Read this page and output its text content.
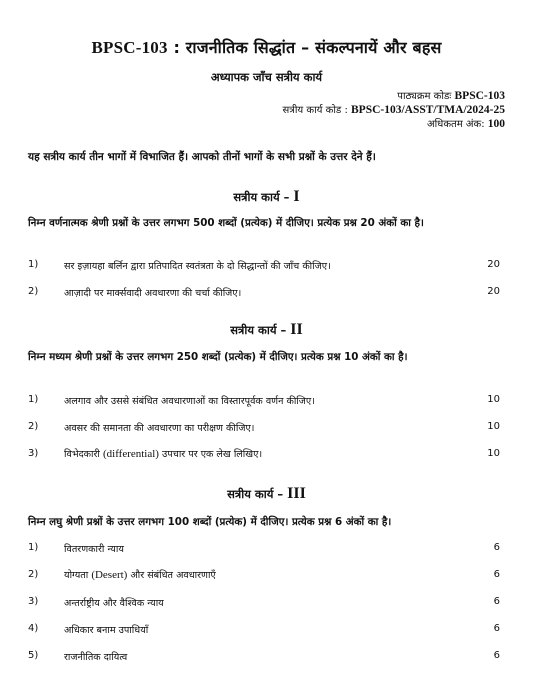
BPSC-103 : राजनीतिक सिद्धांत – संकल्पनायें और बहस
अध्यापक जाँच सत्रीय कार्य
पाठ्यक्रम कोडः BPSC-103
सत्रीय कार्य कोड : BPSC-103/ASST/TMA/2024-25
अधिकतम अंक: 100
यह सत्रीय कार्य तीन भागों में विभाजित हैं। आपको तीनों भागों के सभी प्रश्नों के उत्तर देने हैं।
सत्रीय कार्य – I
निम्न वर्णनात्मक श्रेणी प्रश्नों के उत्तर लगभग 500 शब्दों (प्रत्येक) में दीजिए। प्रत्येक प्रश्न 20 अंकों का है।
1)	सर इज़ायहा बर्लिन द्वारा प्रतिपादित स्वतंत्रता के दो सिद्धान्तों की जाँच कीजिए।	20
2)	आज़ादी पर मार्क्सवादी अवधारणा की चर्चा कीजिए।	20
सत्रीय कार्य – II
निम्न मध्यम श्रेणी प्रश्नों के उत्तर लगभग 250 शब्दों (प्रत्येक) में दीजिए। प्रत्येक प्रश्न 10 अंकों का है।
1)	अलगाव और उससे संबंधित अवधारणाओं का विस्तारपूर्वक वर्णन कीजिए।	10
2)	अवसर की समानता की अवधारणा का परीक्षण कीजिए।	10
3)	विभेदकारी (differential) उपचार पर एक लेख लिखिए।	10
सत्रीय कार्य – III
निम्न लघु श्रेणी प्रश्नों के उत्तर लगभग 100 शब्दों (प्रत्येक) में दीजिए। प्रत्येक प्रश्न 6 अंकों का है।
1)	वितरणकारी न्याय	6
2)	योग्यता (Desert) और संबंधित अवधारणाएँ	6
3)	अन्तर्राष्ट्रीय और वैश्विक न्याय	6
4)	अधिकार बनाम उपाधियाँ	6
5)	राजनीतिक दायित्व	6
